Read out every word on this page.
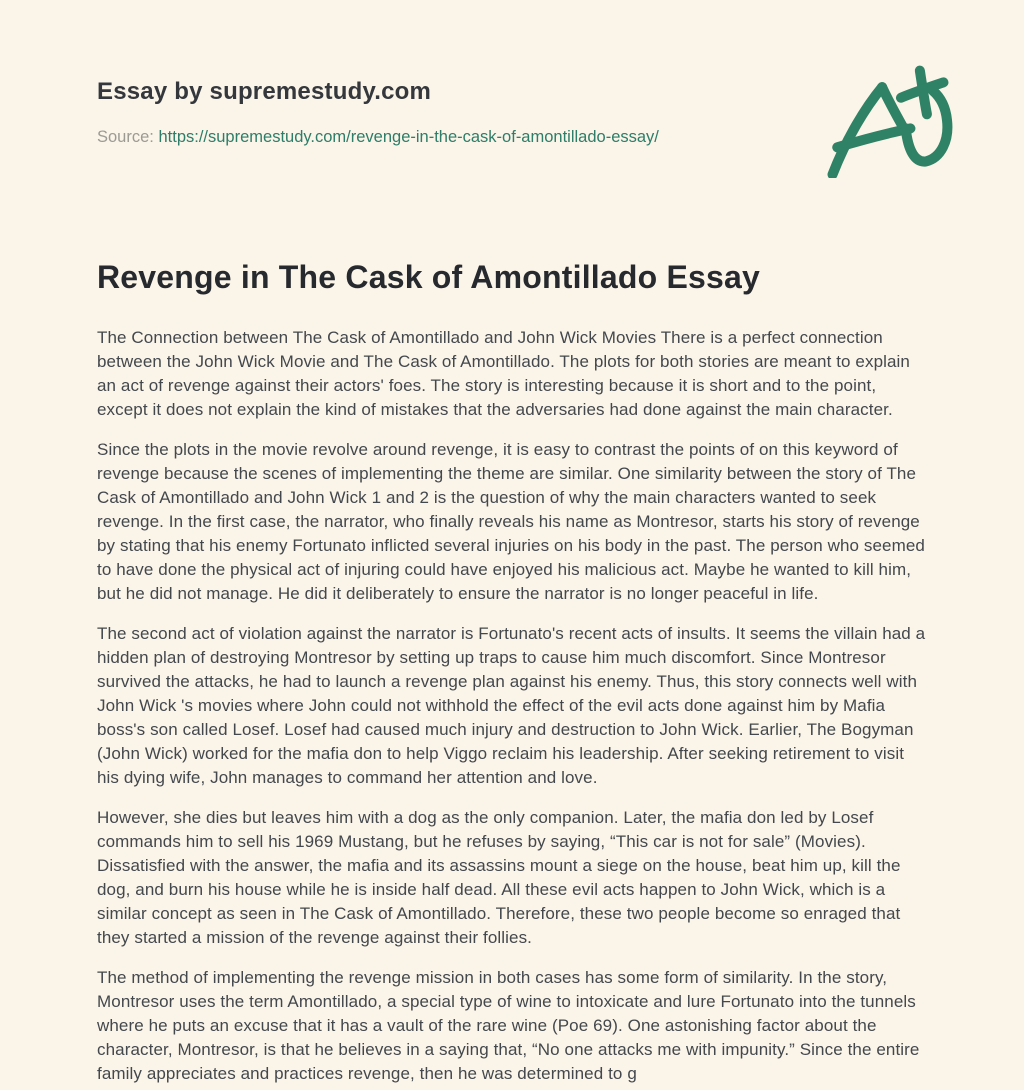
Essay by supremestudy.com
Source: https://supremestudy.com/revenge-in-the-cask-of-amontillado-essay/
Revenge in The Cask of Amontillado Essay

The Connection between The Cask of Amontillado and John Wick Movies There is a perfect connection between the John Wick Movie and The Cask of Amontillado. The plots for both stories are meant to explain an act of revenge against their actors' foes. The story is interesting because it is short and to the point, except it does not explain the kind of mistakes that the adversaries had done against the main character.

Since the plots in the movie revolve around revenge, it is easy to contrast the points of on this keyword of revenge because the scenes of implementing the theme are similar. One similarity between the story of The Cask of Amontillado and John Wick 1 and 2 is the question of why the main characters wanted to seek revenge. In the first case, the narrator, who finally reveals his name as Montresor, starts his story of revenge by stating that his enemy Fortunato inflicted several injuries on his body in the past. The person who seemed to have done the physical act of injuring could have enjoyed his malicious act. Maybe he wanted to kill him, but he did not manage. He did it deliberately to ensure the narrator is no longer peaceful in life.

The second act of violation against the narrator is Fortunato's recent acts of insults. It seems the villain had a hidden plan of destroying Montresor by setting up traps to cause him much discomfort. Since Montresor survived the attacks, he had to launch a revenge plan against his enemy. Thus, this story connects well with John Wick 's movies where John could not withhold the effect of the evil acts done against him by Mafia boss's son called Losef. Losef had caused much injury and destruction to John Wick. Earlier, The Bogyman (John Wick) worked for the mafia don to help Viggo reclaim his leadership. After seeking retirement to visit his dying wife, John manages to command her attention and love.

However, she dies but leaves him with a dog as the only companion. Later, the mafia don led by Losef commands him to sell his 1969 Mustang, but he refuses by saying, “This car is not for sale” (Movies). Dissatisfied with the answer, the mafia and its assassins mount a siege on the house, beat him up, kill the dog, and burn his house while he is inside half dead. All these evil acts happen to John Wick, which is a similar concept as seen in The Cask of Amontillado. Therefore, these two people become so enraged that they started a mission of the revenge against their follies.

The method of implementing the revenge mission in both cases has some form of similarity. In the story, Montresor uses the term Amontillado, a special type of wine to intoxicate and lure Fortunato into the tunnels where he puts an excuse that it has a vault of the rare wine (Poe 69). One astonishing factor about the character, Montresor, is that he believes in a saying that, “No one attacks me with impunity.” Since the entire family appreciates and practices revenge, then he was determined to g
